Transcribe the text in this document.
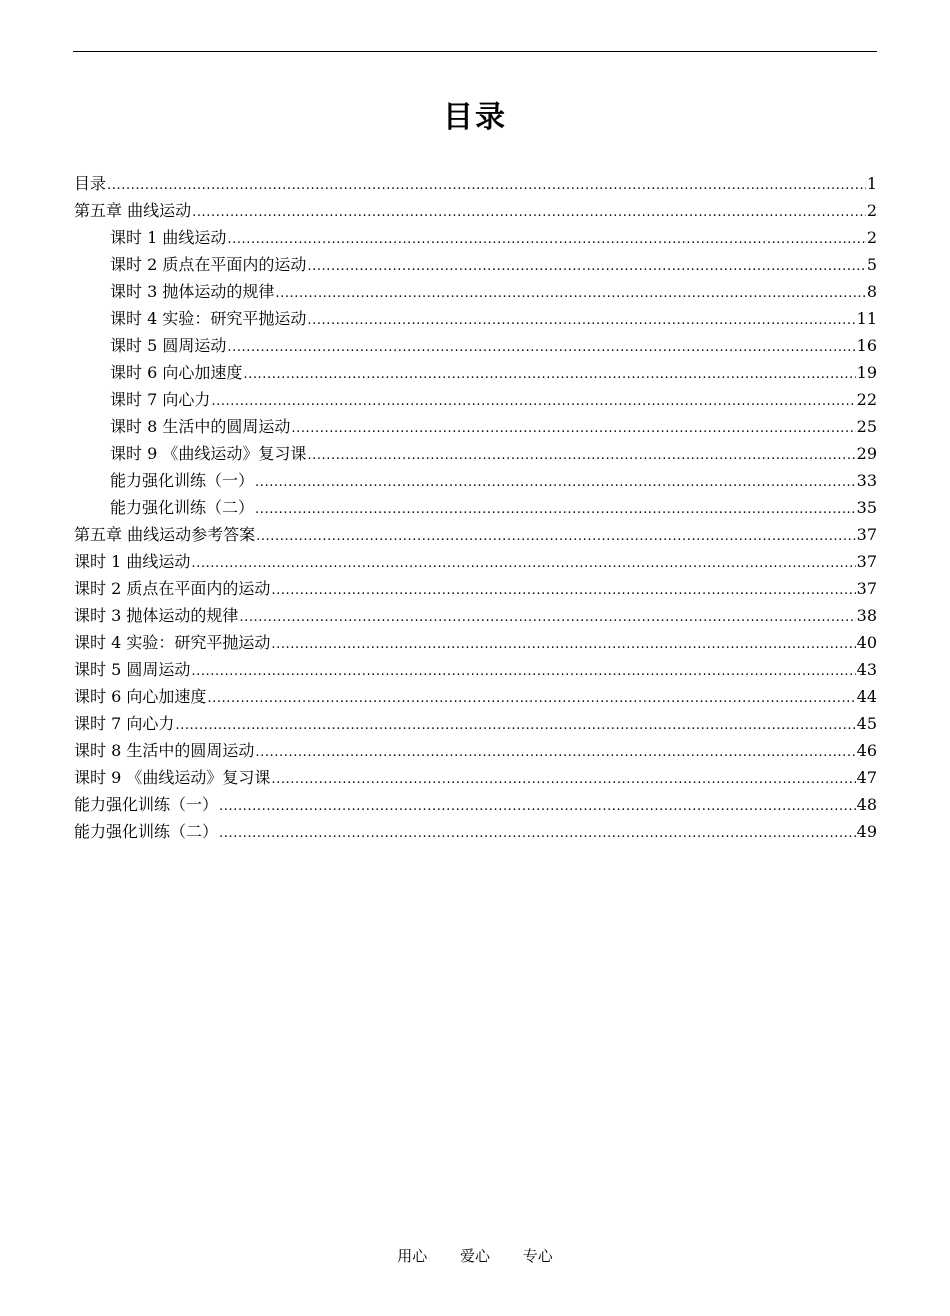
目录
目录 .....	1
第五章 曲线运动 .....	2
课时 1 曲线运动 .....	2
课时 2 质点在平面内的运动 .....	5
课时 3 抛体运动的规律 .....	8
课时 4 实验：研究平抛运动 .....	11
课时 5 圆周运动 .....	16
课时 6 向心加速度 .....	19
课时 7 向心力 .....	22
课时 8 生活中的圆周运动 .....	25
课时 9 《曲线运动》复习课 .....	29
能力强化训练（一） .....	33
能力强化训练（二） .....	35
第五章 曲线运动参考答案 .....	37
课时 1 曲线运动 .....	37
课时 2 质点在平面内的运动 .....	37
课时 3 抛体运动的规律 .....	38
课时 4 实验：研究平抛运动 .....	40
课时 5 圆周运动 .....	43
课时 6 向心加速度 .....	44
课时 7 向心力 .....	45
课时 8 生活中的圆周运动 .....	46
课时 9 《曲线运动》复习课 .....	47
能力强化训练（一） .....	48
能力强化训练（二） .....	49
用心 爱心 专心
